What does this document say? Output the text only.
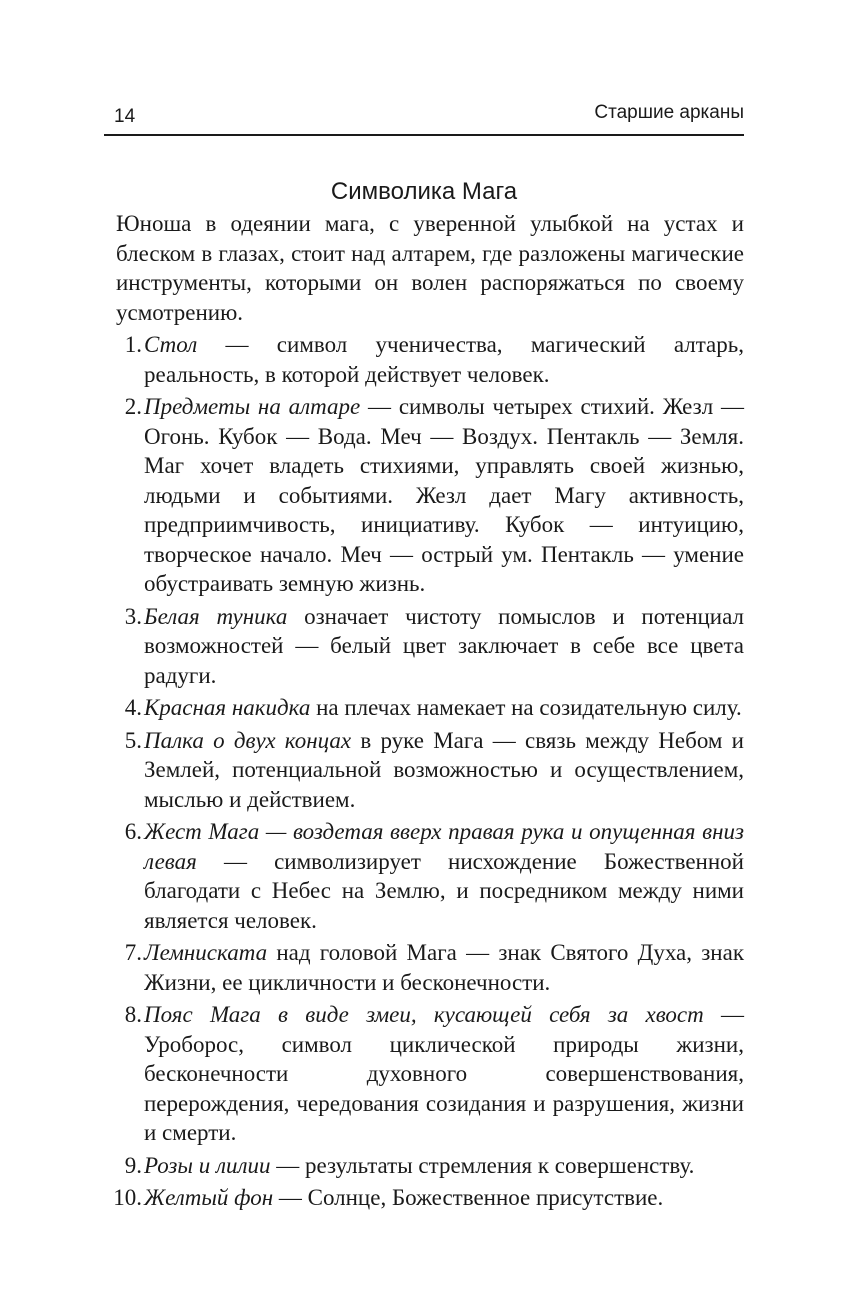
14	Старшие арканы
Символика Мага

Юноша в одеянии мага, с уверенной улыбкой на устах и блеском в глазах, стоит над алтарем, где разложены магические инструменты, которыми он волен распоряжаться по своему усмотрению.

1. Стол — символ ученичества, магический алтарь, реальность, в которой действует человек.
2. Предметы на алтаре — символы четырех стихий. Жезл — Огонь. Кубок — Вода. Меч — Воздух. Пентакль — Земля. Маг хочет владеть стихиями, управлять своей жизнью, людьми и событиями. Жезл дает Магу активность, предприимчивость, инициативу. Кубок — интуицию, творческое начало. Меч — острый ум. Пентакль — умение обустраивать земную жизнь.
3. Белая туника означает чистоту помыслов и потенциал возможностей — белый цвет заключает в себе все цвета радуги.
4. Красная накидка на плечах намекает на созидательную силу.
5. Палка о двух концах в руке Мага — связь между Небом и Землей, потенциальной возможностью и осуществлением, мыслью и действием.
6. Жест Мага — воздетая вверх правая рука и опущенная вниз левая — символизирует нисхождение Божественной благодати с Небес на Землю, и посредником между ними является человек.
7. Лемниската над головой Мага — знак Святого Духа, знак Жизни, ее цикличности и бесконечности.
8. Пояс Мага в виде змеи, кусающей себя за хвост — Уроборос, символ циклической природы жизни, бесконечности духовного совершенствования, перерождения, чередования созидания и разрушения, жизни и смерти.
9. Розы и лилии — результаты стремления к совершенству.
10. Желтый фон — Солнце, Божественное присутствие.
